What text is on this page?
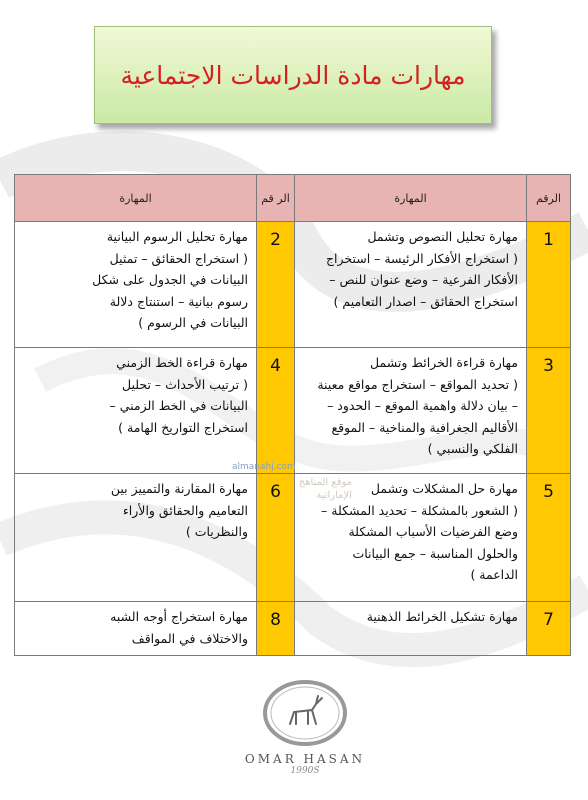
مهارات مادة الدراسات الاجتماعية
الرقم	المهارة	الر قم	المهارة
1	مهارة تحليل النصوص وتشمل
( استخراج الأفكار الرئيسة – استخراج
الأفكار الفرعية – وضع عنوان للنص –
استخراج الحقائق – اصدار التعاميم )	2	مهارة تحليل الرسوم البيانية
( استخراج الحقائق – تمثيل
البيانات في الجدول على شكل
رسوم بيانية – استنتاج دلالة
البيانات في الرسوم )

3	مهارة قراءة الخرائط وتشمل
( تحديد المواقع – استخراج مواقع معينة
– بيان دلالة واهمية الموقع – الحدود –
الأقاليم الجغرافية والمناخية – الموقع
الفلكي والنسبي )	4	مهارة قراءة الخط الزمني
( ترتيب الأحداث – تحليل
البيانات في الخط الزمني –
استخراج التواريخ الهامة )

5	مهارة حل المشكلات وتشمل
( الشعور بالمشكلة – تحديد المشكلة –
وضع الفرضيات الأسباب المشكلة
والحلول المناسبة – جمع البيانات
الداعمة )	6	مهارة المقارنة والتمييز بين
التعاميم والحقائق والأراء
والنظريات )

7	مهارة تشكيل الخرائط الذهنية	8	مهارة استخراج أوجه الشبه
والاختلاف في المواقف
almanahj.com
موقع المناهج الإماراتية
OMAR HASAN
1990S
